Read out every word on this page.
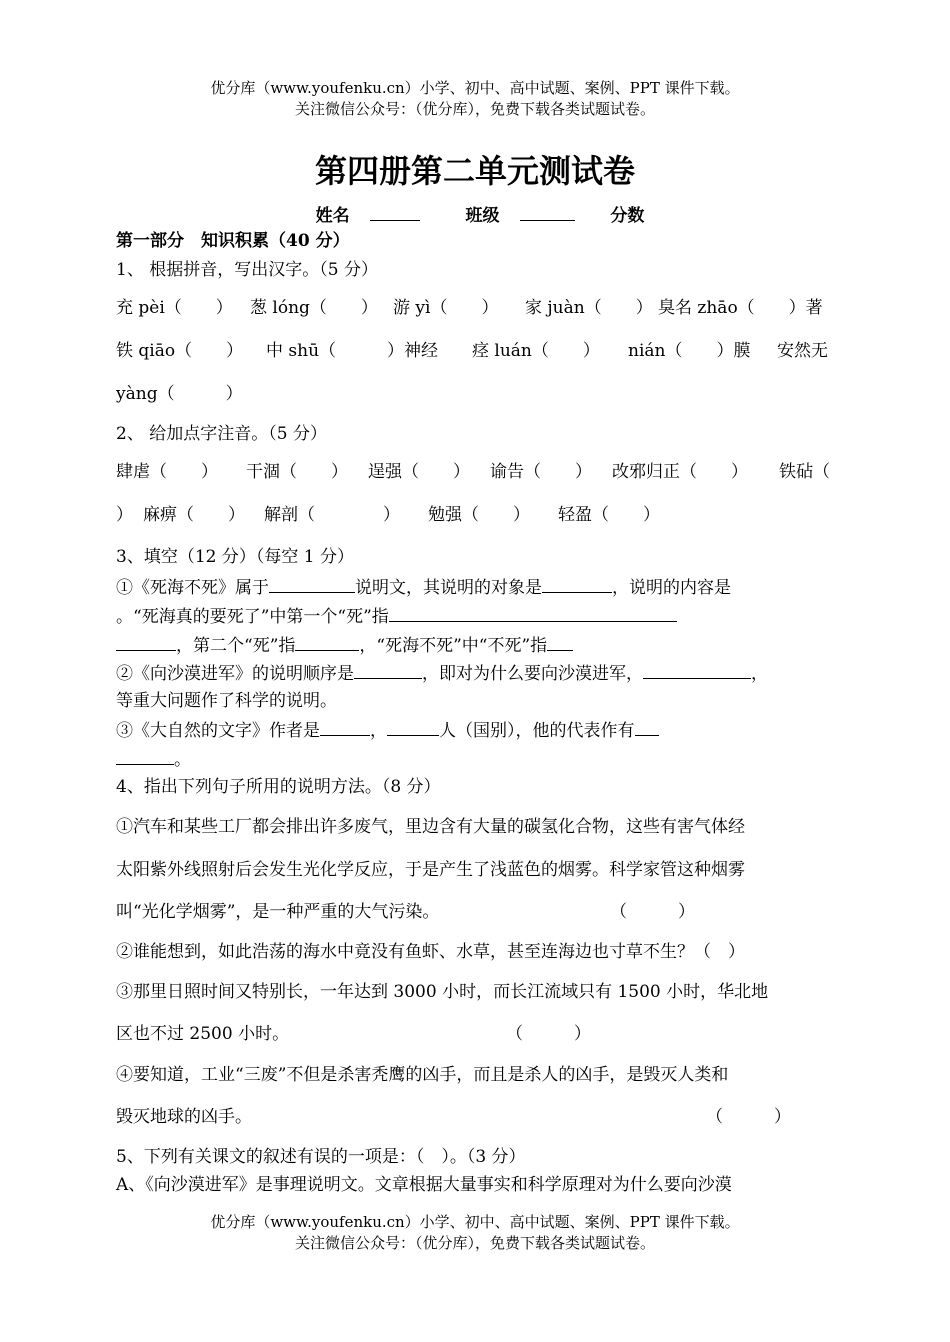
优分库（www.youfenku.cn）小学、初中、高中试题、案例、PPT 课件下载。
关注微信公众号：（优分库），免费下载各类试题试卷。
第四册第二单元测试卷
姓名	班级	分数
第一部分　知识积累（40 分）
1、 根据拼音，写出汉字。（5 分）
充 pèi（　　） 葱 lóng（　　） 游 yì（　　） 家 juàn（　　） 臭名 zhāo（　　）著
铁 qiāo（　　） 中 shū（　　　）神经 痉 luán（　　） nián（　　）膜 安然无
yàng（　　　）
2、 给加点字注音。（5 分）
肆虐（　　） 干涸（　　） 逞强（　　） 谕告（　　） 改邪归正（　　） 铁砧（
） 麻痹（　　） 解剖（　　　　） 勉强（　　） 轻盈（　　）
3、填空（12 分）（每空 1 分）
①《死海不死》属于	说明文，其说明的对象是	，说明的内容是
。“死海真的要死了”中第一个“死”指
，第二个“死”指	，“死海不死”中“不死”指
②《向沙漠进军》的说明顺序是	，即对为什么要向沙漠进军，	，
等重大问题作了科学的说明。
③《大自然的文字》作者是	，	人（国别），他的代表作有
。
4、指出下列句子所用的说明方法。（8 分）
①汽车和某些工厂都会排出许多废气，里边含有大量的碳氢化合物，这些有害气体经
太阳紫外线照射后会发生光化学反应，于是产生了浅蓝色的烟雾。科学家管这种烟雾
叫“光化学烟雾”，是一种严重的大气污染。	（　　　）
②谁能想到，如此浩荡的海水中竟没有鱼虾、水草，甚至连海边也寸草不生？（　）
③那里日照时间又特别长，一年达到 3000 小时，而长江流域只有 1500 小时，华北地
区也不过 2500 小时。	（　　　）
④要知道，工业“三废”不但是杀害秃鹰的凶手，而且是杀人的凶手，是毁灭人类和
毁灭地球的凶手。	（　　　）
5、下列有关课文的叙述有误的一项是：（　）。（3 分）
A、《向沙漠进军》是事理说明文。文章根据大量事实和科学原理对为什么要向沙漠
优分库（www.youfenku.cn）小学、初中、高中试题、案例、PPT 课件下载。
关注微信公众号：（优分库），免费下载各类试题试卷。
